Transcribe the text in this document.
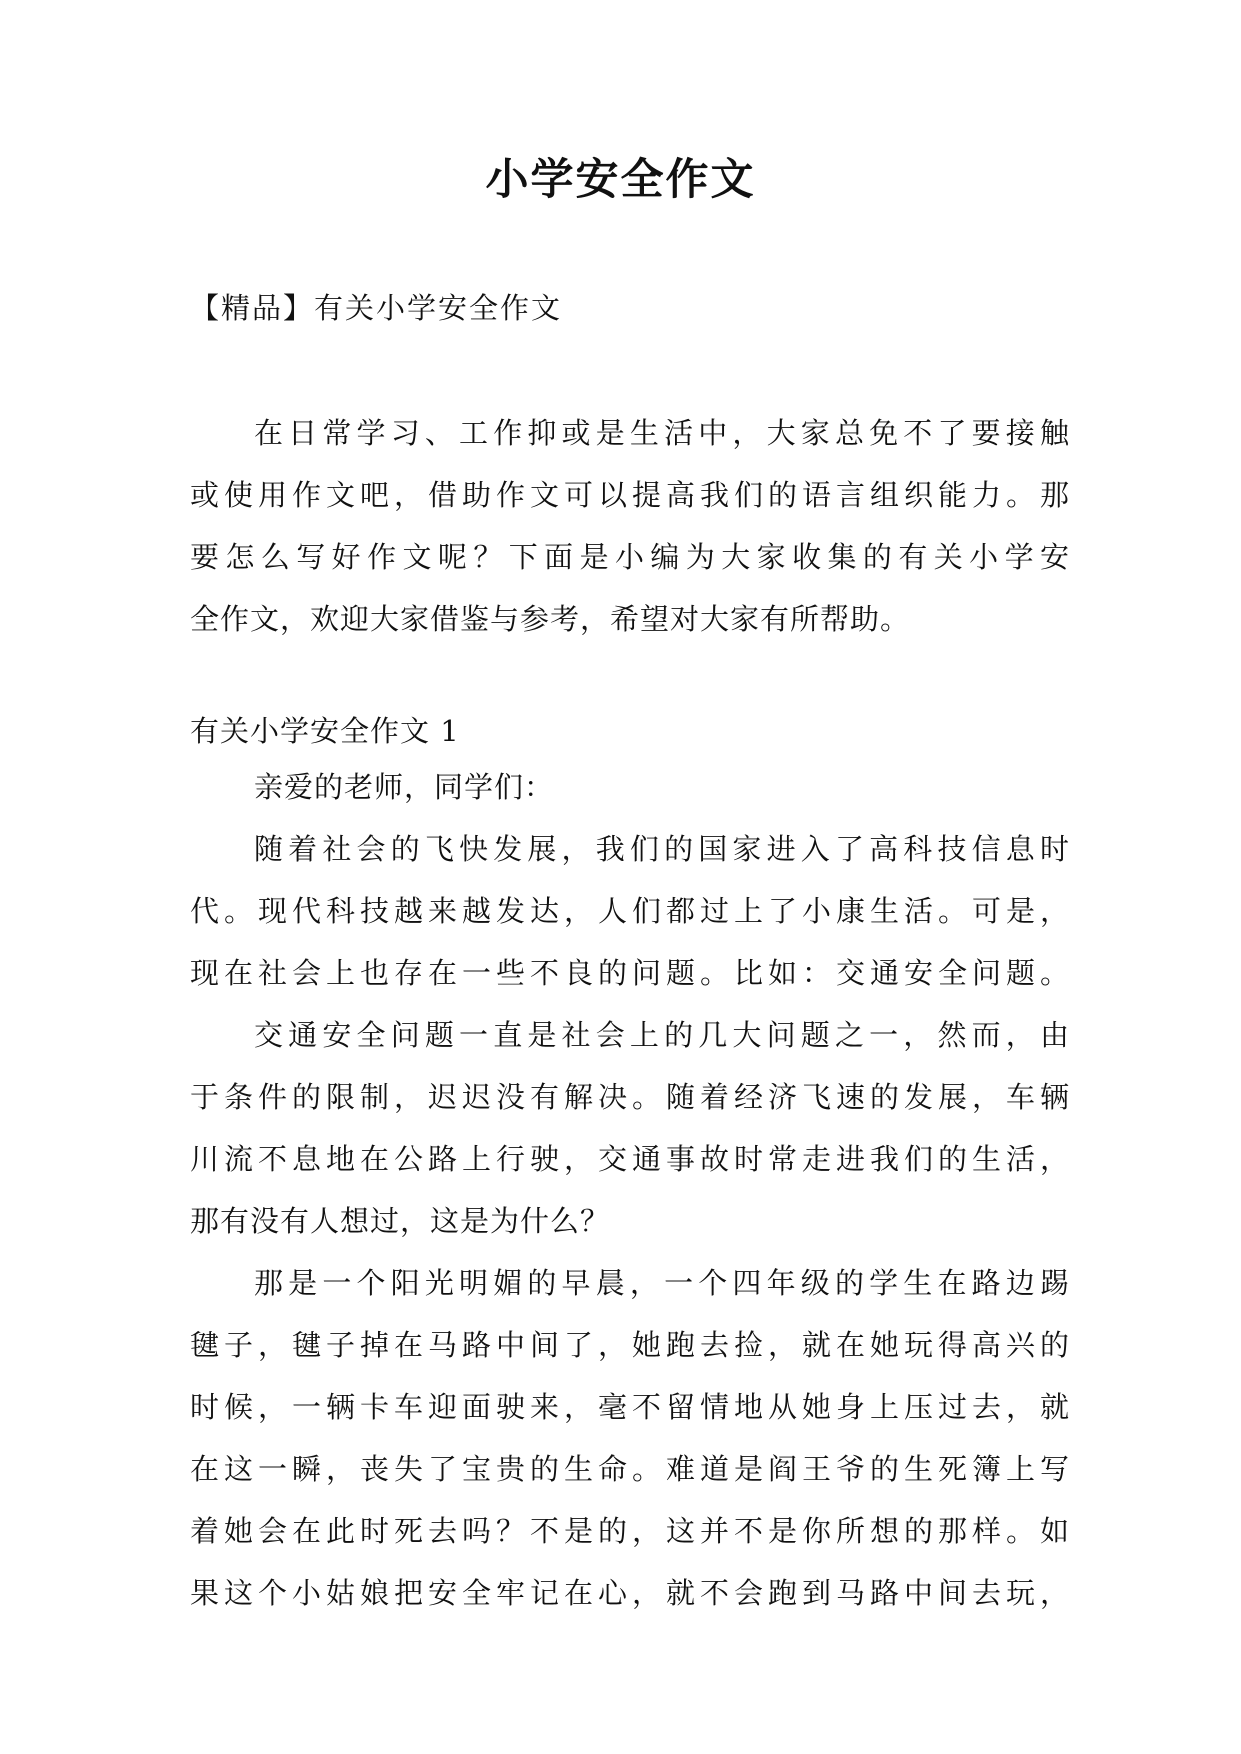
小学安全作文

【精品】有关小学安全作文

在日常学习、工作抑或是生活中，大家总免不了要接触
或使用作文吧，借助作文可以提高我们的语言组织能力。那
要怎么写好作文呢？下面是小编为大家收集的有关小学安
全作文，欢迎大家借鉴与参考，希望对大家有所帮助。

有关小学安全作文 1

亲爱的老师，同学们：
随着社会的飞快发展，我们的国家进入了高科技信息时
代。现代科技越来越发达，人们都过上了小康生活。可是，
现在社会上也存在一些不良的问题。比如：交通安全问题。
交通安全问题一直是社会上的几大问题之一，然而，由
于条件的限制，迟迟没有解决。随着经济飞速的发展，车辆
川流不息地在公路上行驶，交通事故时常走进我们的生活，
那有没有人想过，这是为什么？
那是一个阳光明媚的早晨，一个四年级的学生在路边踢
毽子，毽子掉在马路中间了，她跑去捡，就在她玩得高兴的
时候，一辆卡车迎面驶来，毫不留情地从她身上压过去，就
在这一瞬，丧失了宝贵的生命。难道是阎王爷的生死簿上写
着她会在此时死去吗？不是的，这并不是你所想的那样。如
果这个小姑娘把安全牢记在心，就不会跑到马路中间去玩，
